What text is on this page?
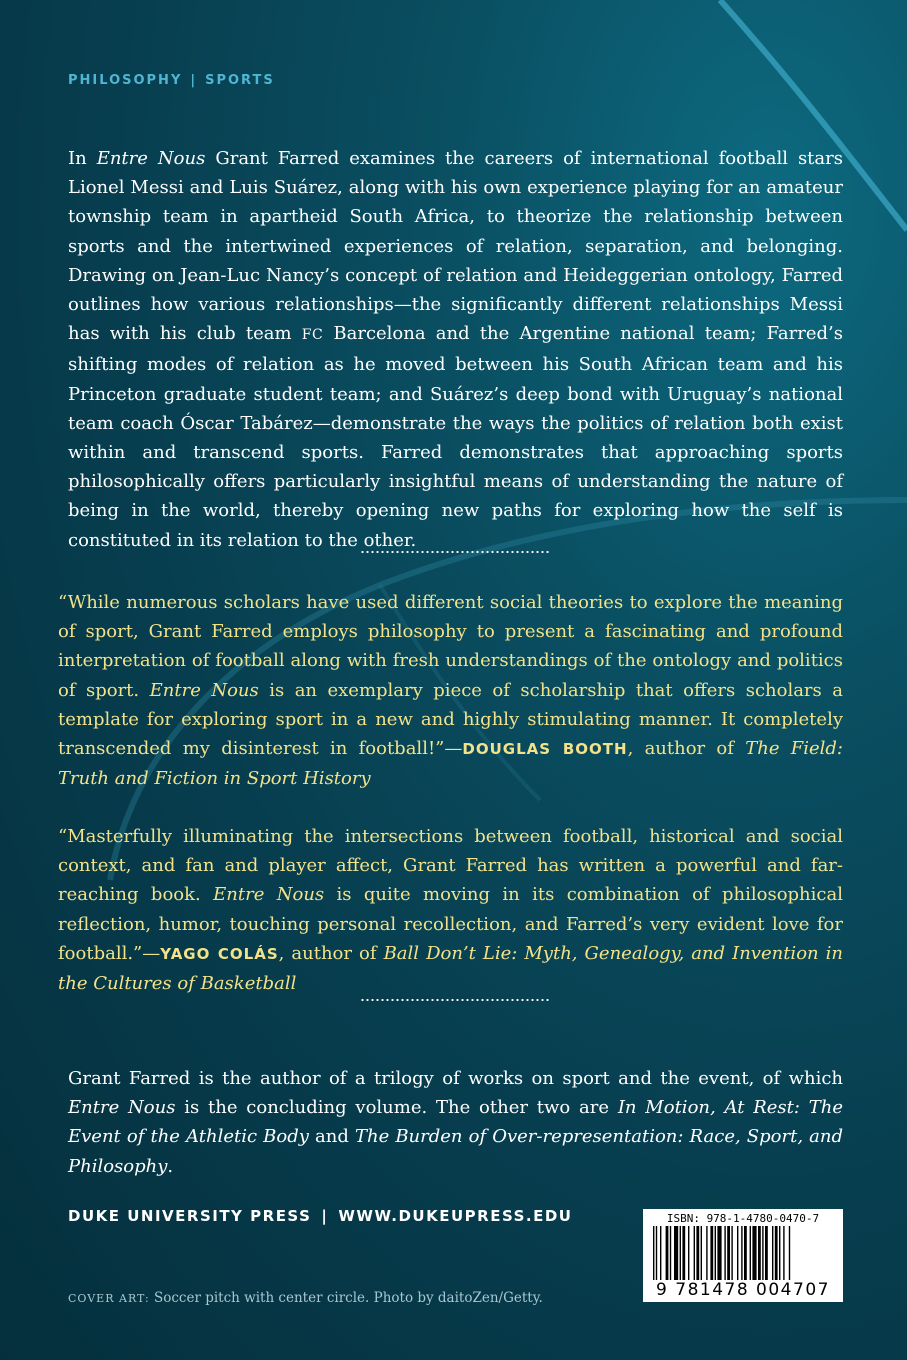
PHILOSOPHY | SPORTS
In Entre Nous Grant Farred examines the careers of international football stars Lionel Messi and Luis Suárez, along with his own experience playing for an amateur township team in apartheid South Africa, to theorize the relationship between sports and the intertwined experiences of relation, separation, and belonging. Drawing on Jean-Luc Nancy’s concept of relation and Heideggerian ontology, Farred outlines how various relationships—the significantly different relationships Messi has with his club team FC Barcelona and the Argentine national team; Farred’s shifting modes of relation as he moved between his South African team and his Princeton graduate student team; and Suárez’s deep bond with Uruguay’s national team coach Óscar Tabárez—demonstrate the ways the politics of relation both exist within and transcend sports. Farred demonstrates that approaching sports philosophically offers particularly insightful means of understanding the nature of being in the world, thereby opening new paths for exploring how the self is constituted in its relation to the other.
“While numerous scholars have used different social theories to explore the meaning of sport, Grant Farred employs philosophy to present a fascinating and profound interpretation of football along with fresh understandings of the ontology and politics of sport. Entre Nous is an exemplary piece of scholarship that offers scholars a template for exploring sport in a new and highly stimulating manner. It completely transcended my disinterest in football!”—DOUGLAS BOOTH, author of The Field: Truth and Fiction in Sport History
“Masterfully illuminating the intersections between football, historical and social context, and fan and player affect, Grant Farred has written a powerful and far-reaching book. Entre Nous is quite moving in its combination of philosophical reflection, humor, touching personal recollection, and Farred’s very evident love for football.”—YAGO COLÁS, author of Ball Don’t Lie: Myth, Genealogy, and Invention in the Cultures of Basketball
Grant Farred is the author of a trilogy of works on sport and the event, of which Entre Nous is the concluding volume. The other two are In Motion, At Rest: The Event of the Athletic Body and The Burden of Over-representation: Race, Sport, and Philosophy.
DUKE UNIVERSITY PRESS | WWW.DUKEUPRESS.EDU
COVER ART: Soccer pitch with center circle. Photo by daitoZen/Getty.
ISBN: 978-1-4780-0470-7
9 781478 004707
